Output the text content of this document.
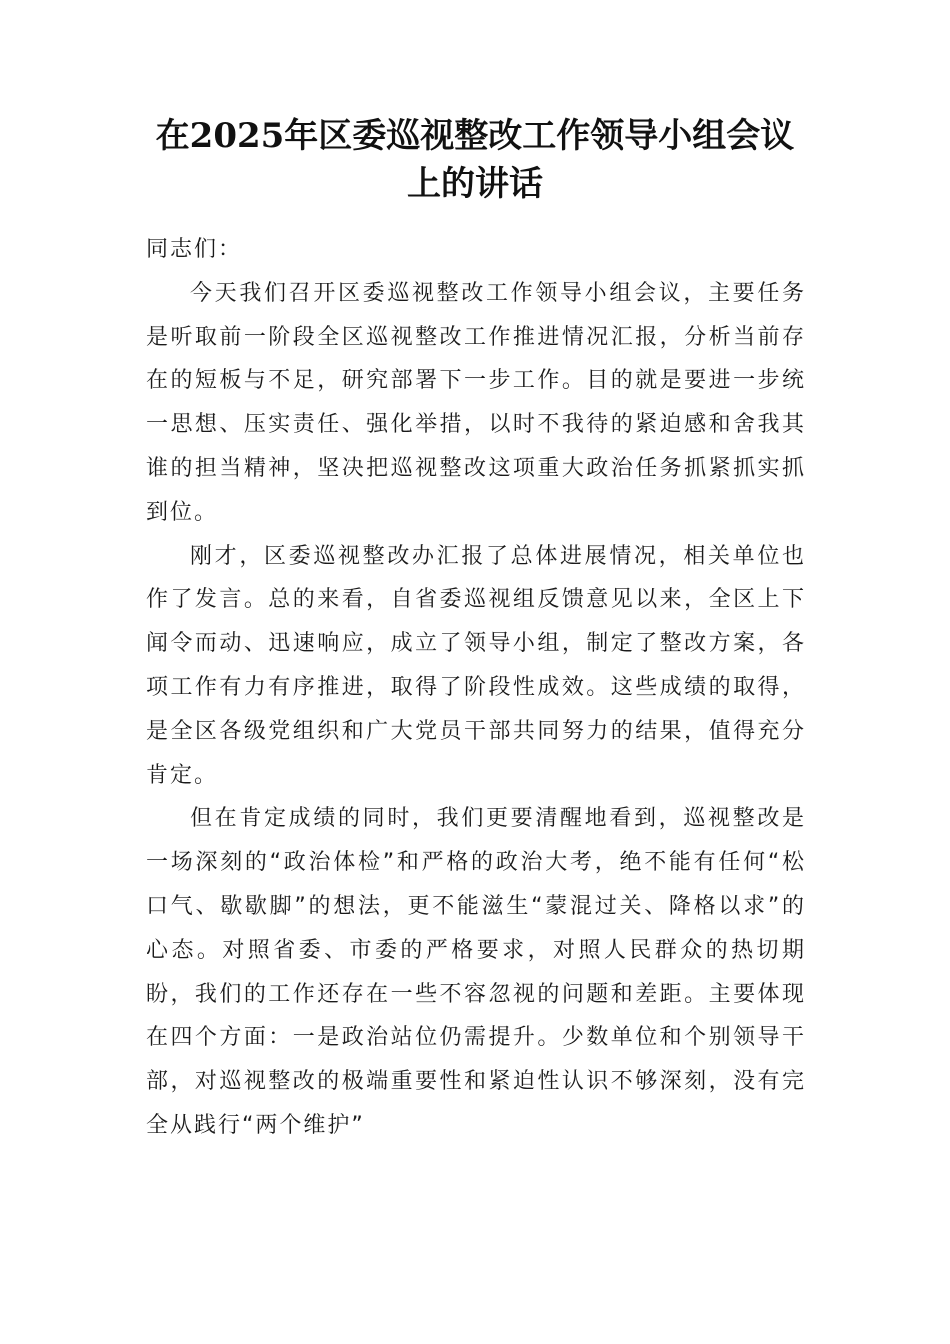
在2025年区委巡视整改工作领导小组会议上的讲话

同志们：

今天我们召开区委巡视整改工作领导小组会议，主要任务是听取前一阶段全区巡视整改工作推进情况汇报，分析当前存在的短板与不足，研究部署下一步工作。目的就是要进一步统一思想、压实责任、强化举措，以时不我待的紧迫感和舍我其谁的担当精神，坚决把巡视整改这项重大政治任务抓紧抓实抓到位。

刚才，区委巡视整改办汇报了总体进展情况，相关单位也作了发言。总的来看，自省委巡视组反馈意见以来，全区上下闻令而动、迅速响应，成立了领导小组，制定了整改方案，各项工作有力有序推进，取得了阶段性成效。这些成绩的取得，是全区各级党组织和广大党员干部共同努力的结果，值得充分肯定。

但在肯定成绩的同时，我们更要清醒地看到，巡视整改是一场深刻的“政治体检”和严格的政治大考，绝不能有任何“松口气、歇歇脚”的想法，更不能滋生“蒙混过关、降格以求”的心态。对照省委、市委的严格要求，对照人民群众的热切期盼，我们的工作还存在一些不容忽视的问题和差距。主要体现在四个方面：一是政治站位仍需提升。少数单位和个别领导干部，对巡视整改的极端重要性和紧迫性认识不够深刻，没有完全从践行“两个维护”
